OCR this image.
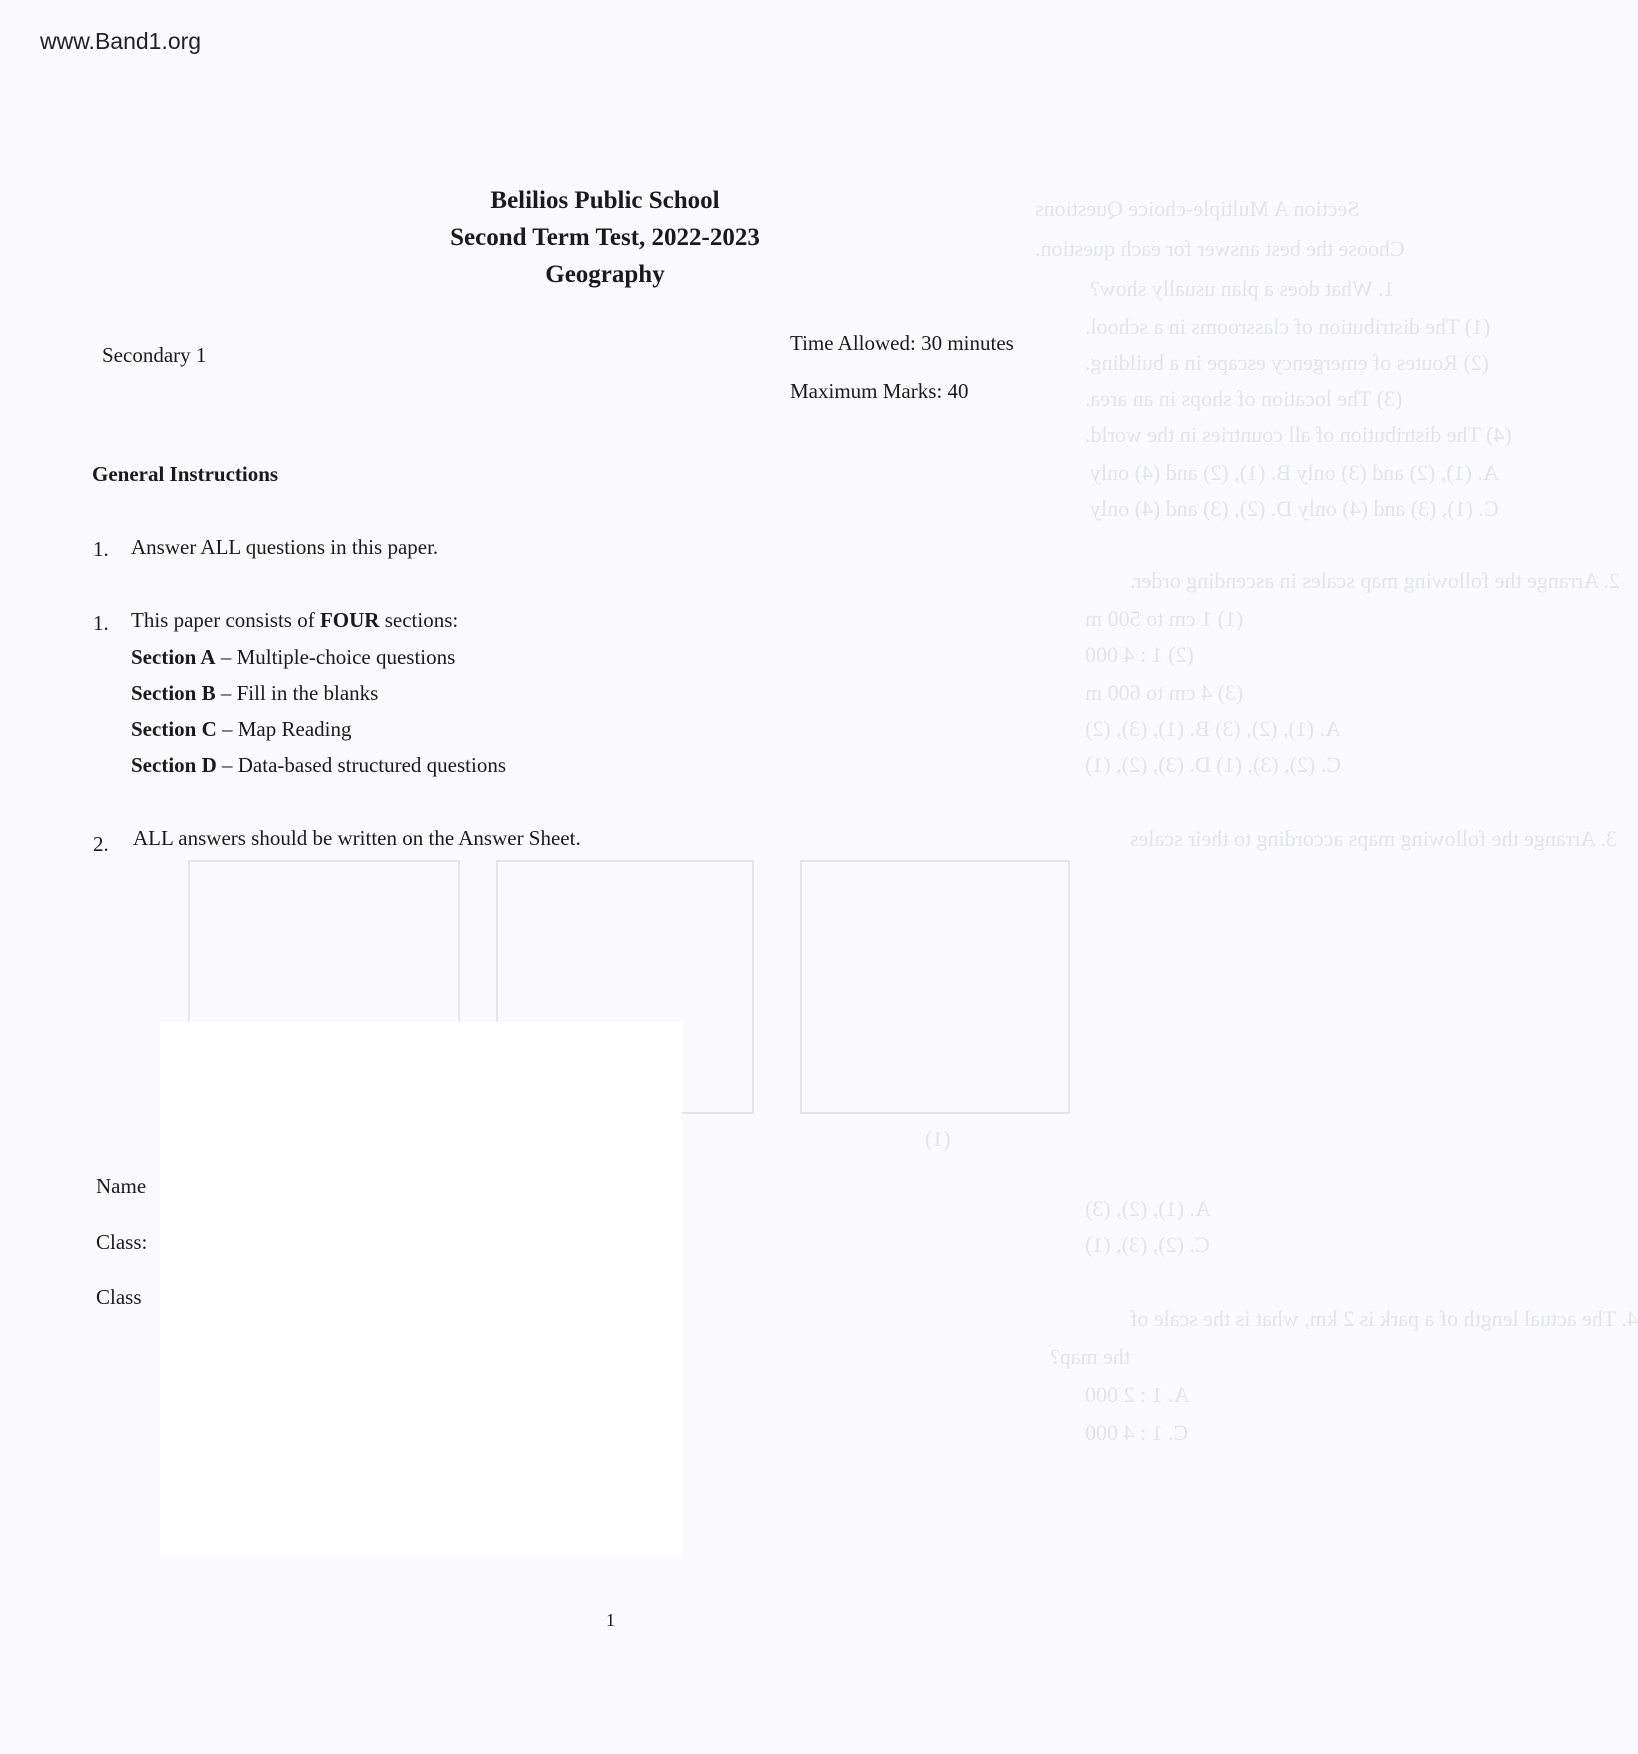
Section A Multiple-choice Questions
Choose the best answer for each question.
1. What does a plan usually show?
(1) The distribution of classrooms in a school.
(2) Routes of emergency escape in a building.
(3) The location of shops in an area.
(4) The distribution of all countries in the world.
A. (1), (2) and (3) only B. (1), (2) and (4) only
C. (1), (3) and (4) only D. (2), (3) and (4) only
2. Arrange the following map scales in ascending order.
(1) 1 cm to 500 m
(2) 1 : 4 000
(3) 4 cm to 600 m
A. (1), (2), (3) B. (1), (3), (2)
C. (2), (3), (1) D. (3), (2), (1)
3. Arrange the following maps according to their scales
(1)
A. (1), (2), (3)
C. (2), (3), (1)
4. The actual length of a park is 2 km, what is the scale of
the map?
A. 1 : 2 000
C. 1 : 4 000
www.Band1.org
Belilios Public School
Second Term Test, 2022-2023
Geography
Secondary 1	Time Allowed: 30 minutes
Maximum Marks: 40
General Instructions
1. Answer ALL questions in this paper.
1. This paper consists of FOUR sections:
Section A – Multiple-choice questions
Section B – Fill in the blanks
Section C – Map Reading
Section D – Data-based structured questions
2. ALL answers should be written on the Answer Sheet.
Name
Class:
Class
1
